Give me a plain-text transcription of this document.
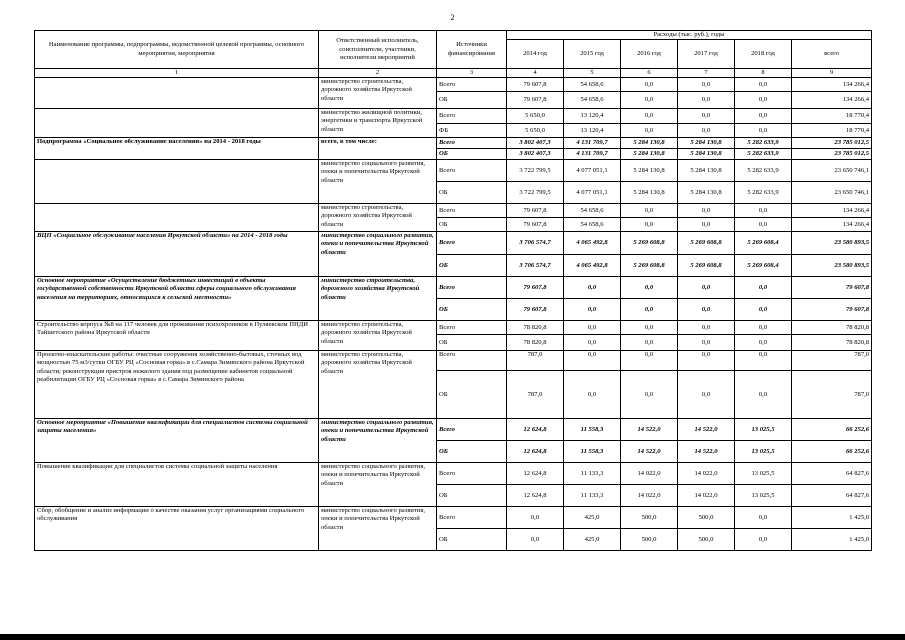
2
Наименование программы, подпрограммы, ведомственной целевой программы, основного мероприятия, мероприятия	Ответственный исполнитель, соисполнители, участники, исполнители мероприятий	Источники финансирования	Расходы (тыс. руб.), годы					
			2014 год	2015 год	2016 год	2017 год	2018 год	всего
1	2	3	4	5	6	7	8	9
	министерство строительства, дорожного хозяйства Иркутской области	Всего	79 607,8	54 658,6	0,0	0,0	0,0	134 266,4
		ОБ	79 607,8	54 658,6	0,0	0,0	0,0	134 266,4
	министерство жилищной политики, энергетики и транспорта Иркутской области	Всего	5 650,0	13 120,4	0,0	0,0	0,0	18 770,4
		ФБ	5 650,0	13 120,4	0,0	0,0	0,0	18 770,4
Подпрограмма «Социальное обслуживание населения» на 2014 - 2018 годы	всего, в том числе:	Всего	3 802 407,3	4 131 709,7	5 284 130,8	5 284 130,8	5 282 633,9	23 785 012,5
		ОБ	3 802 407,3	4 131 709,7	5 284 130,8	5 284 130,8	5 282 633,9	23 785 012,5
	министерство социального развития, опеки и попечительства Иркутской области	Всего	3 722 799,5	4 077 051,1	5 284 130,8	5 284 130,8	5 282 633,9	23 650 746,1
		ОБ	3 722 799,5	4 077 051,1	5 284 130,8	5 284 130,8	5 282 633,9	23 650 746,1
	министерство строительства, дорожного хозяйства Иркутской области	Всего	79 607,8	54 658,6	0,0	0,0	0,0	134 266,4
		ОБ	79 607,8	54 658,6	0,0	0,0	0,0	134 266,4
ВЦП «Социальное обслуживание населения Иркутской области» на 2014 - 2018 годы	министерство социального развития, опеки и попечительства Иркутской области	Всего	3 706 574,7	4 065 492,8	5 269 608,8	5 269 608,8	5 269 608,4	23 580 893,5
		ОБ	3 706 574,7	4 065 492,8	5 269 608,8	5 269 608,8	5 269 608,4	23 580 893,5
Основное мероприятие «Осуществление бюджетных инвестиций в объекты государственной собственности Иркутской области сферы социального обслуживания населения на территориях, относящихся к сельской местности»	министерство строительства, дорожного хозяйства Иркутской области	Всего	79 607,8	0,0	0,0	0,0	0,0	79 607,8
		ОБ	79 607,8	0,0	0,0	0,0	0,0	79 607,8
Строительство корпуса №8 на 117 человек для проживания психохроников в Пуляевском ПНДИ Тайшетского района Иркутской области	министерство строительства, дорожного хозяйства Иркутской области	Всего	78 820,8	0,0	0,0	0,0	0,0	78 820,8
		ОБ	78 820,8	0,0	0,0	0,0	0,0	78 820,8
Проектно-изыскательские работы: очистные сооружения хозяйственно-бытовых, сточных вод мощностью 75 м3/сутки ОГБУ РЦ «Сосновая горка» в с.Самара Зиминского района Иркутской области; реконструкция пристроя нежилого здания под размещение кабинетов социальной реабилитации ОГБУ РЦ «Сосновая горка» в с.Самара Зиминского района	министерство строительства, дорожного хозяйства Иркутской области	Всего	787,0	0,0	0,0	0,0	0,0	787,0
		ОБ	787,0	0,0	0,0	0,0	0,0	787,0
Основное мероприятие «Повышение квалификации для специалистов системы социальной защиты населения»	министерство социального развития, опеки и попечительства Иркутской области	Всего	12 624,8	11 558,3	14 522,0	14 522,0	13 025,5	66 252,6
		ОБ	12 624,8	11 558,3	14 522,0	14 522,0	13 025,5	66 252,6
Повышение квалификации для специалистов системы социальной защиты населения	министерство социального развития, опеки и попечительства Иркутской области	Всего	12 624,8	11 133,3	14 022,0	14 022,0	13 025,5	64 827,6
		ОБ	12 624,8	11 133,3	14 022,0	14 022,0	13 025,5	64 827,6
Сбор, обобщение и анализ информации о качестве оказания услуг организациями социального обслуживания	министерство социального развития, опеки и попечительства Иркутской области	Всего	0,0	425,0	500,0	500,0	0,0	1 425,0
		ОБ	0,0	425,0	500,0	500,0	0,0	1 425,0
